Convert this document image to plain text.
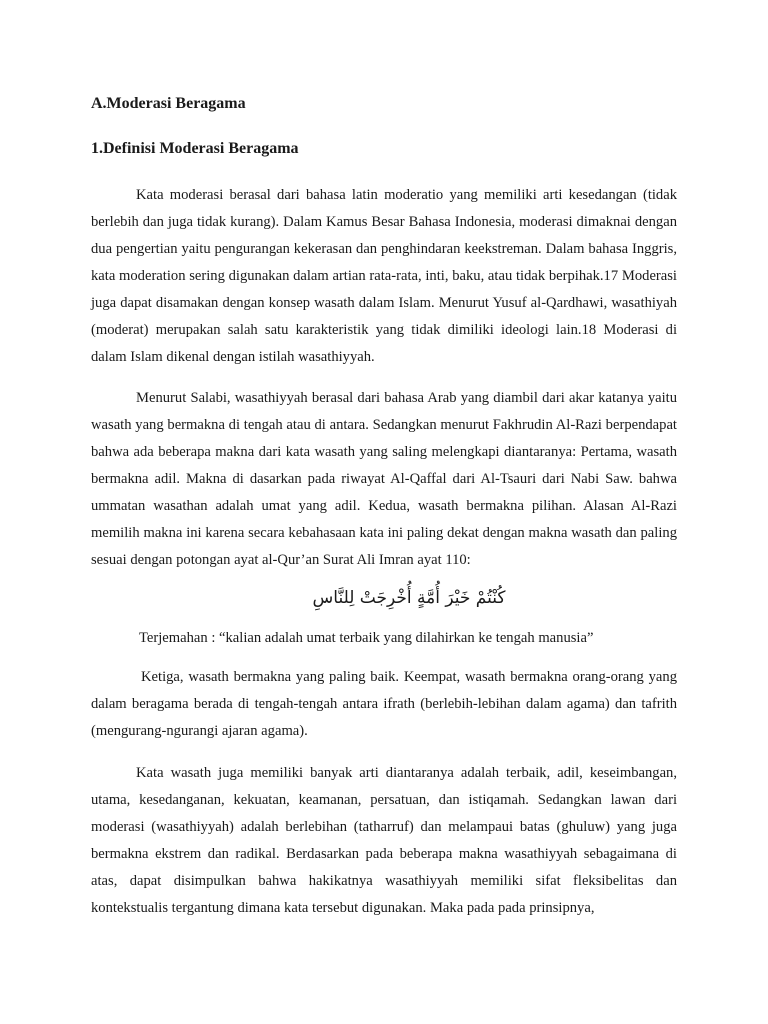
A.Moderasi Beragama
1.Definisi Moderasi Beragama

Kata moderasi berasal dari bahasa latin moderatio yang memiliki arti kesedangan (tidak berlebih dan juga tidak kurang). Dalam Kamus Besar Bahasa Indonesia, moderasi dimaknai dengan dua pengertian yaitu pengurangan kekerasan dan penghindaran keekstreman. Dalam bahasa Inggris, kata moderation sering digunakan dalam artian rata-rata, inti, baku, atau tidak berpihak.17 Moderasi juga dapat disamakan dengan konsep wasath dalam Islam. Menurut Yusuf al-Qardhawi, wasathiyah (moderat) merupakan salah satu karakteristik yang tidak dimiliki ideologi lain.18 Moderasi di dalam Islam dikenal dengan istilah wasathiyyah.

Menurut Salabi, wasathiyyah berasal dari bahasa Arab yang diambil dari akar katanya yaitu wasath yang bermakna di tengah atau di antara. Sedangkan menurut Fakhrudin Al-Razi berpendapat bahwa ada beberapa makna dari kata wasath yang saling melengkapi diantaranya: Pertama, wasath bermakna adil. Makna di dasarkan pada riwayat Al-Qaffal dari Al-Tsauri dari Nabi Saw. bahwa ummatan wasathan adalah umat yang adil. Kedua, wasath bermakna pilihan. Alasan Al-Razi memilih makna ini karena secara kebahasaan kata ini paling dekat dengan makna wasath dan paling sesuai dengan potongan ayat al-Qur’an Surat Ali Imran ayat 110:

كُنْتُمْ خَيْرَ أُمَّةٍ أُخْرِجَتْ لِلنَّاسِ

Terjemahan : “kalian adalah umat terbaik yang dilahirkan ke tengah manusia”

Ketiga, wasath bermakna yang paling baik. Keempat, wasath bermakna orang-orang yang dalam beragama berada di tengah-tengah antara ifrath (berlebih-lebihan dalam agama) dan tafrith (mengurang-ngurangi ajaran agama).

Kata wasath juga memiliki banyak arti diantaranya adalah terbaik, adil, keseimbangan, utama, kesedanganan, kekuatan, keamanan, persatuan, dan istiqamah. Sedangkan lawan dari moderasi (wasathiyyah) adalah berlebihan (tatharruf) dan melampaui batas (ghuluw) yang juga bermakna ekstrem dan radikal. Berdasarkan pada beberapa makna wasathiyyah sebagaimana di atas, dapat disimpulkan bahwa hakikatnya wasathiyyah memiliki sifat fleksibelitas dan kontekstualis tergantung dimana kata tersebut digunakan. Maka pada pada prinsipnya,
